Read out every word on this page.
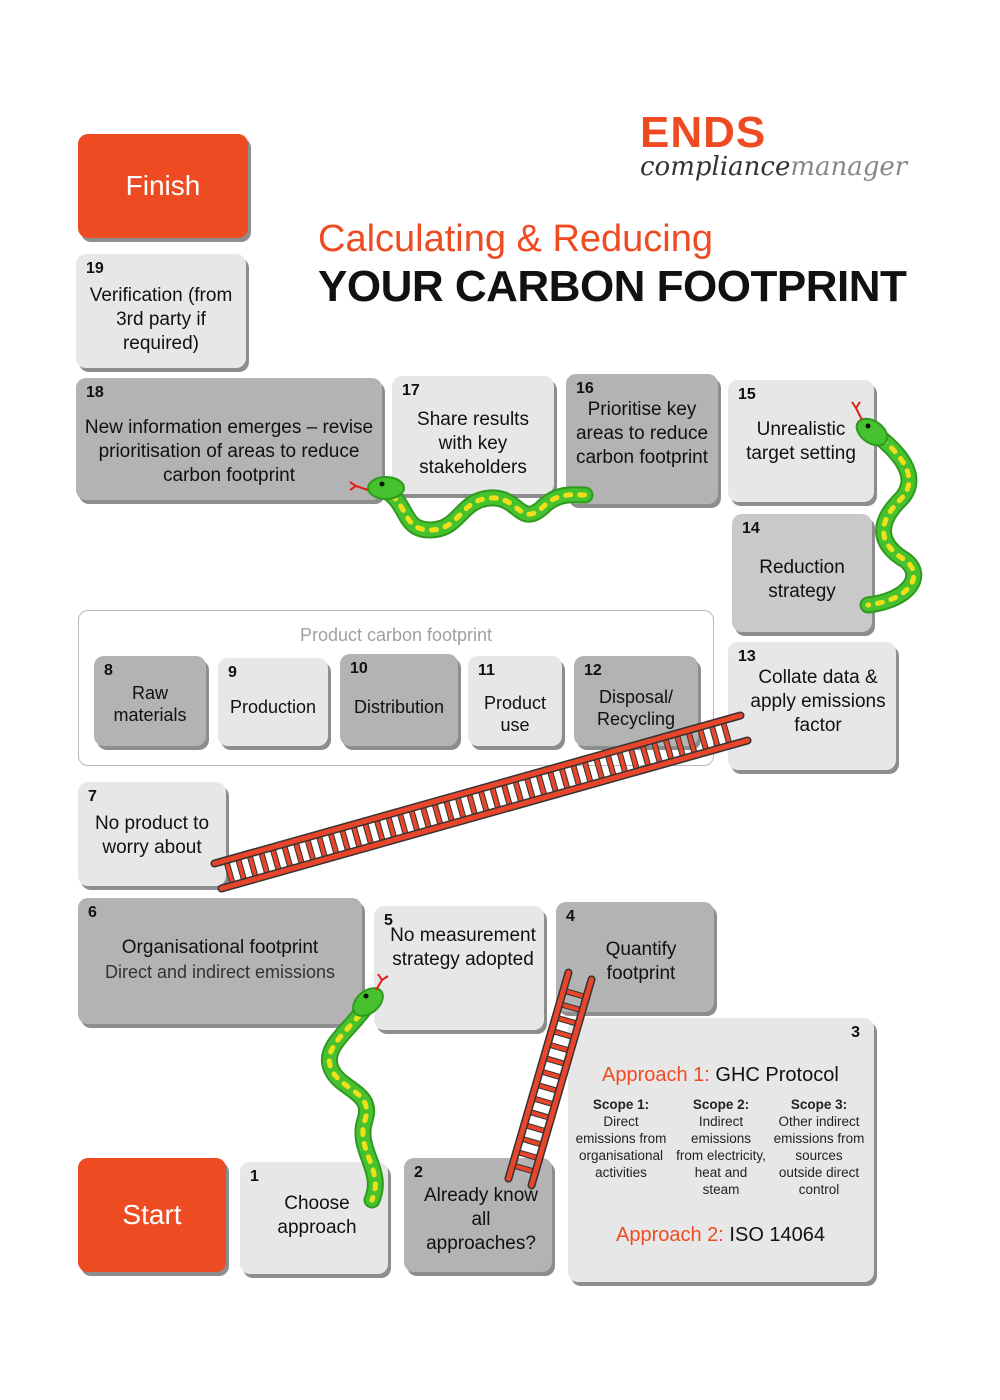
ENDS
compliancemanager
Calculating & Reducing
YOUR CARBON FOOTPRINT
Finish
19
Verification (from 3rd party if required)
18
New information emerges – revise prioritisation of areas to reduce carbon footprint
17
Share results with key stakeholders
16
Prioritise key areas to reduce carbon footprint
15
Unrealistic target setting
14
Reduction strategy
Product carbon footprint
8
Raw materials
9
Production
10
Distribution
11
Product use
12
Disposal/ Recycling
13
Collate data & apply emissions factor
7
No product to worry about
6
Organisational footprint
Direct and indirect emissions
5
No measurement strategy adopted
4
Quantify footprint
3
Approach 1: GHC Protocol
Scope 1:
Direct emissions from organisational activities
Scope 2:
Indirect emissions from electricity, heat and steam
Scope 3:
Other indirect emissions from sources outside direct control
Approach 2: ISO 14064
Start
1
Choose approach
2
Already know all approaches?
